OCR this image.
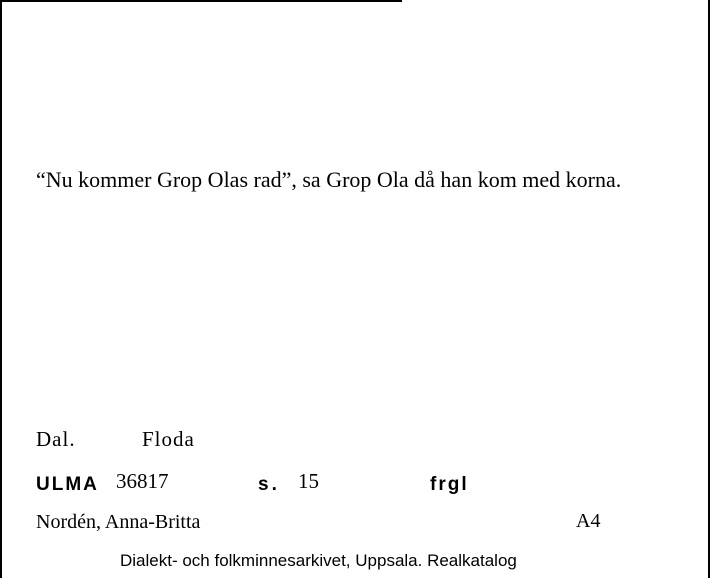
“Nu kommer Grop Olas rad”, sa Grop Ola då han kom med korna.
Dal.	Floda
ULMA 36817	s. 15	frgl
Nordén, Anna-Britta	A4
Dialekt- och folkminnesarkivet, Uppsala. Realkatalog
